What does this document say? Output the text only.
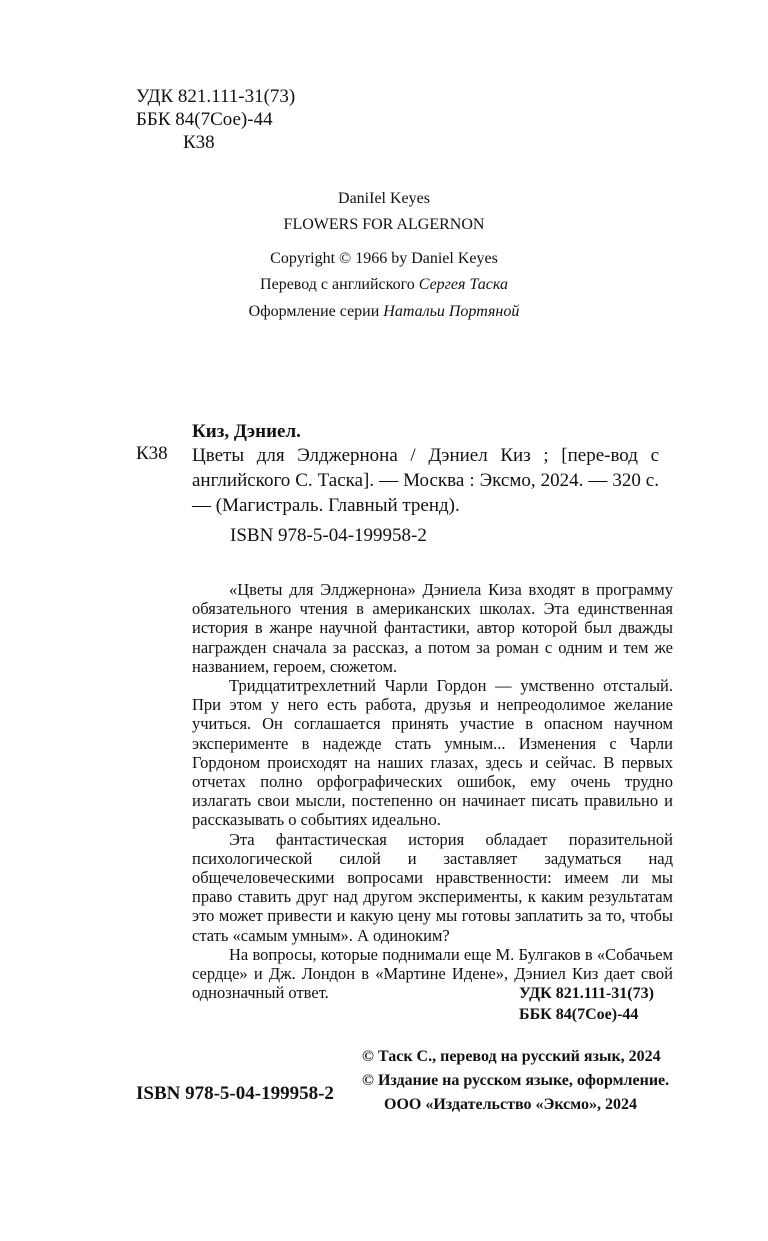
УДК 821.111-31(73)
ББК 84(7Сое)-44
К38
DaniIel Keyes
FLOWERS FOR ALGERNON
Copyright © 1966 by Daniel Keyes
Перевод с английского Сергея Таска
Оформление серии Натальи Портяной
Киз, Дэниел.
К38 Цветы для Элджернона / Дэниел Киз ; [пере-вод с английского С. Таска]. — Москва : Эксмо, 2024. — 320 с. — (Магистраль. Главный тренд).

ISBN 978-5-04-199958-2

«Цветы для Элджернона» Дэниела Киза входят в программу обязательного чтения в американских школах. Эта единственная история в жанре научной фантастики, автор которой был дважды награжден сначала за рассказ, а потом за роман с одним и тем же названием, героем, сюжетом.

Тридцатитрехлетний Чарли Гордон — умственно отсталый. При этом у него есть работа, друзья и непреодолимое желание учиться. Он соглашается принять участие в опасном научном эксперименте в надежде стать умным... Изменения с Чарли Гордоном происходят на наших глазах, здесь и сейчас. В первых отчетах полно орфографических ошибок, ему очень трудно излагать свои мысли, постепенно он начинает писать правильно и рассказывать о событиях идеально.

Эта фантастическая история обладает поразительной психологической силой и заставляет задуматься над общечеловеческими вопросами нравственности: имеем ли мы право ставить друг над другом эксперименты, к каким результатам это может привести и какую цену мы готовы заплатить за то, чтобы стать «самым умным». А одиноким?

На вопросы, которые поднимали еще М. Булгаков в «Собачьем сердце» и Дж. Лондон в «Мартине Идене», Дэниел Киз дает свой однозначный ответ.	УДК 821.111-31(73)
ББК 84(7Сое)-44
© Таск С., перевод на русский язык, 2024
© Издание на русском языке, оформление.
ООО «Издательство «Эксмо», 2024
ISBN 978-5-04-199958-2
